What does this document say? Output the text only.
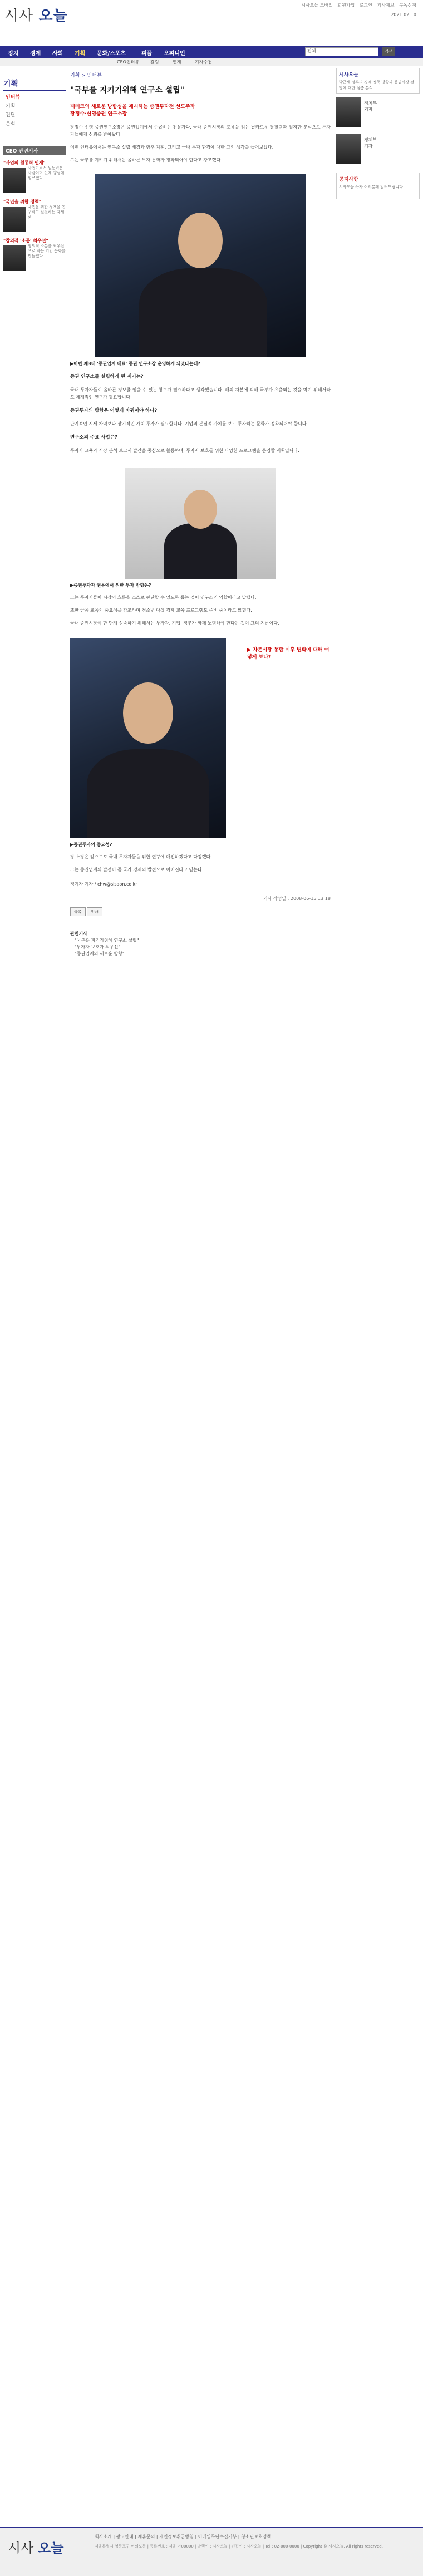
시사 오늘
시사오늘 모바일 회원가입 로그인 기사제보 구독신청
2021.02.10
정치 경제 사회 기획 문화/스포츠	피플 오피니언	전체	검색
CEO인터뷰 칼럼	연재	기자수첩
기획
인터뷰
기획
진단
분석
CEO 관련기사
"사업의 원동력 인재"
사업가로서 원동력은 사람이며 인재 양성에 힘쓰겠다
"국민을 위한 정책"
국민을 위한 정책을 연구하고 실천하는 자세로
"창의적 '소통' 최우선"
창의적 소통을 최우선으로 하는 기업 문화를 만들겠다
기획 > 인터뷰
"국부를 지키기위해 연구소 설립"
제테크의 새로운 방향성을 제시하는 증권투자전 선도주자
장정수·신영증권 연구소장
장정수 신영 증권연구소장은 증권업계에서 손꼽히는 전문가다. 국내 증권시장의 흐름을 읽는 날카로운 통찰력과 철저한 분석으로 투자자들에게 신뢰를 받아왔다.
이번 인터뷰에서는 연구소 설립 배경과 향후 계획, 그리고 국내 투자 환경에 대한 그의 생각을 들어보았다.
그는 국부를 지키기 위해서는 올바른 투자 문화가 정착되어야 한다고 강조했다.
▶이번 제3대 '증권업계 대표' 증권 연구소장 운영하게 되었다는데?
증권 연구소를 설립하게 된 계기는?
국내 투자자들이 올바른 정보를 얻을 수 있는 창구가 필요하다고 생각했습니다. 해외 자본에 의해 국부가 유출되는 것을 막기 위해서라도 체계적인 연구가 필요합니다.
증권투자의 방향은 어떻게 바뀌어야 하나?
단기적인 시세 차익보다 장기적인 가치 투자가 필요합니다. 기업의 본질적 가치를 보고 투자하는 문화가 정착되어야 합니다.
연구소의 주요 사업은?
투자자 교육과 시장 분석 보고서 발간을 중심으로 활동하며, 투자자 보호를 위한 다양한 프로그램을 운영할 계획입니다.
▶증권투자자 권유에서 위한 투자 방향은?
그는 투자자들이 시장의 흐름을 스스로 판단할 수 있도록 돕는 것이 연구소의 역할이라고 말했다.
또한 금융 교육의 중요성을 강조하며 청소년 대상 경제 교육 프로그램도 준비 중이라고 밝혔다.
국내 증권시장이 한 단계 성숙하기 위해서는 투자자, 기업, 정부가 함께 노력해야 한다는 것이 그의 지론이다.
▶ 자본시장 통합 이후 변화에 대해 어떻게 보나?
▶증권투자의 중요성?
장 소장은 앞으로도 국내 투자자들을 위한 연구에 매진하겠다고 다짐했다.
그는 증권업계의 발전이 곧 국가 경제의 발전으로 이어진다고 믿는다.
정기자 기자 / chw@sisaon.co.kr
기사 작성일 : 2008-06-15 13:18
목록 인쇄
관련기사
"국부를 지키기위해 연구소 설립"
"투자자 보호가 최우선"
"증권업계의 새로운 방향"
시사오늘
박근혜 정부의 경제 정책 방향과 증권시장 전망에 대한 심층 분석
정치부
기자
경제부
기자
공지사항
시사오늘 독자 여러분께 알려드립니다
시사 오늘
회사소개 | 광고안내 | 제휴문의 | 개인정보취급방침 | 이메일무단수집거부 | 청소년보호정책
서울특별시 영등포구 여의도동 | 등록번호 : 서울 아00000 | 발행인 : 시사오늘 | 편집인 : 시사오늘 | Tel : 02-000-0000 | Copyright © 시사오늘. All rights reserved.
